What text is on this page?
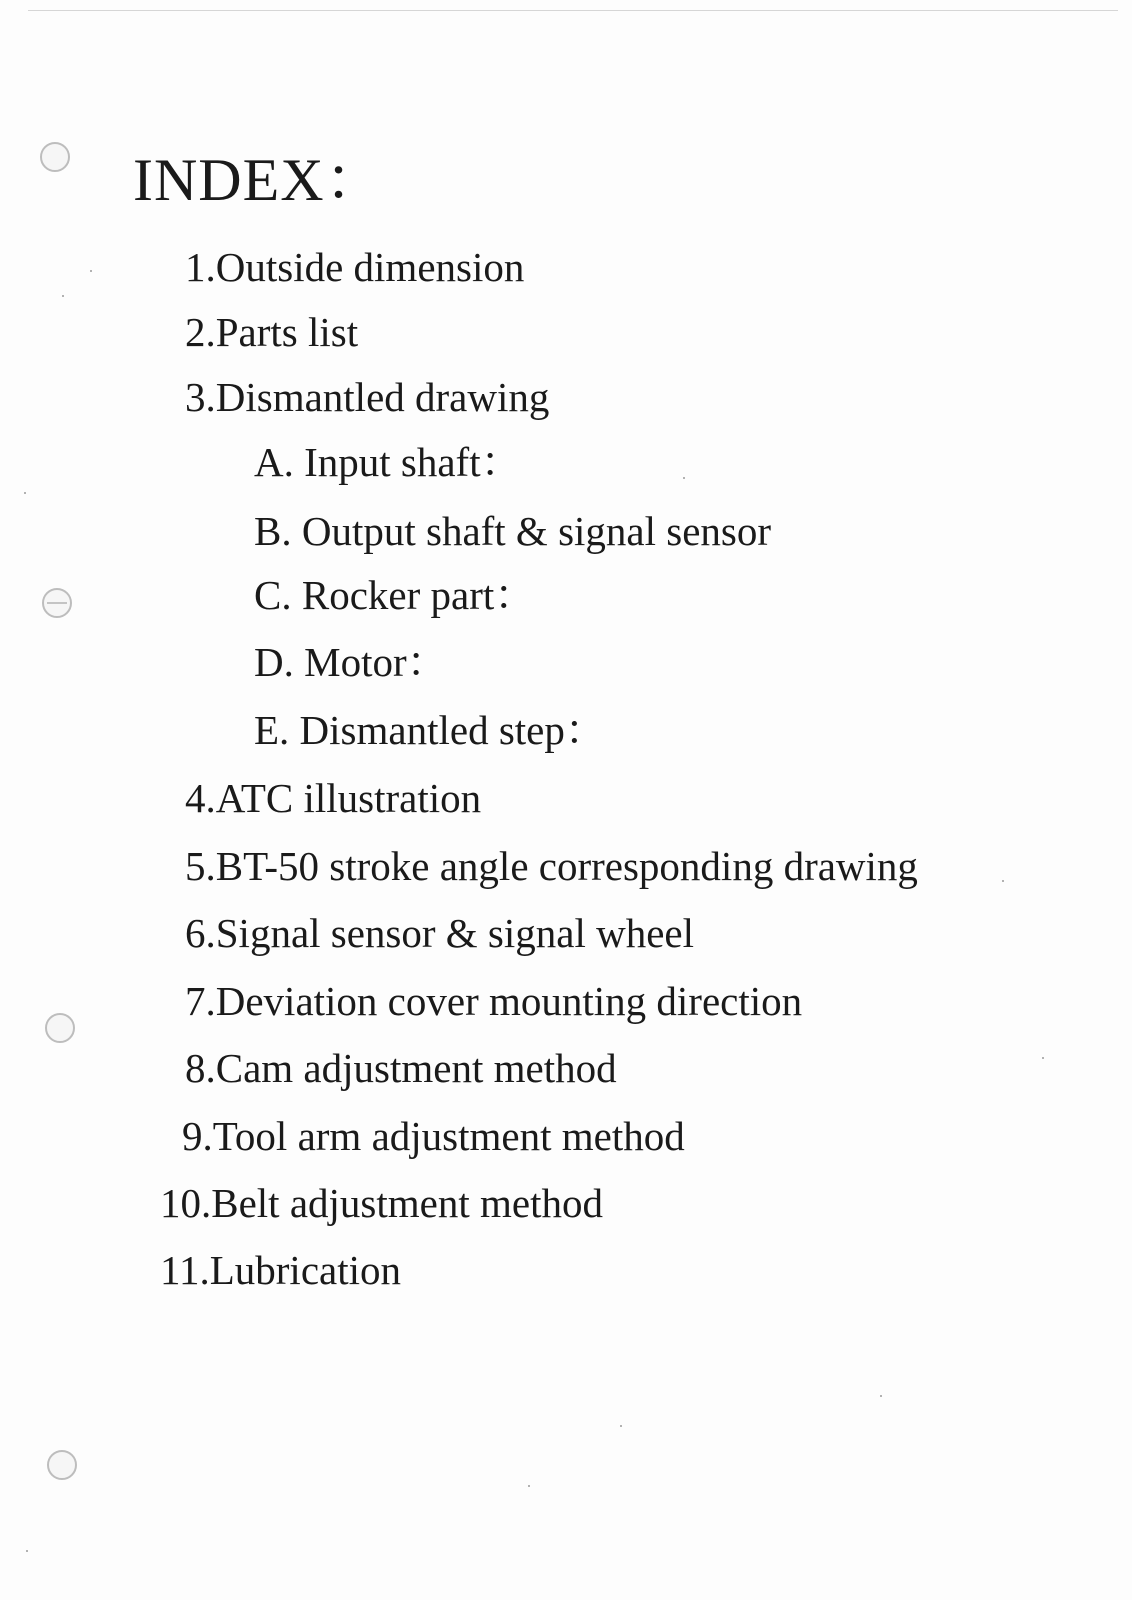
INDEX：
1.Outside dimension
2.Parts list
3.Dismantled drawing
A. Input shaft：
B. Output shaft & signal sensor
C. Rocker part：
D. Motor：
E. Dismantled step：
4.ATC illustration
5.BT-50 stroke angle corresponding drawing
6.Signal sensor & signal wheel
7.Deviation cover mounting direction
8.Cam adjustment method
9.Tool arm adjustment method
10.Belt adjustment method
11.Lubrication
